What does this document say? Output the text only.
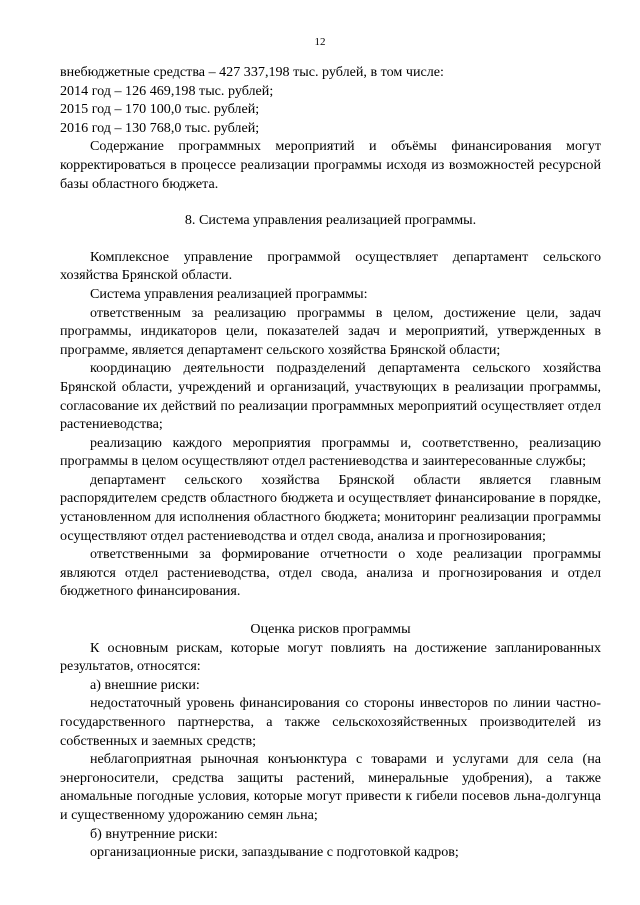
12

внебюджетные средства – 427 337,198 тыс. рублей, в том числе:

2014 год – 126 469,198 тыс. рублей;

2015 год – 170 100,0 тыс. рублей;

2016 год – 130 768,0 тыс. рублей;

Содержание программных мероприятий и объёмы финансирования могут корректироваться в процессе реализации программы исходя из возможностей ресурсной базы областного бюджета.

8. Система управления реализацией программы.

Комплексное управление программой осуществляет департамент сельского хозяйства Брянской области.

Система управления реализацией программы:

ответственным за реализацию программы в целом, достижение цели, задач программы, индикаторов цели, показателей задач и мероприятий, утвержденных в программе, является департамент сельского хозяйства Брянской области;

координацию деятельности подразделений департамента сельского хозяйства Брянской области, учреждений и организаций, участвующих в реализации программы, согласование их действий по реализации программных мероприятий осуществляет отдел растениеводства;

реализацию каждого мероприятия программы и, соответственно, реализацию программы в целом осуществляют отдел растениеводства и заинтересованные службы;

департамент сельского хозяйства Брянской области является главным распорядителем средств областного бюджета и осуществляет финансирование в порядке, установленном для исполнения областного бюджета; мониторинг реализации программы осуществляют отдел растениеводства и отдел свода, анализа и прогнозирования;

ответственными за формирование отчетности о ходе реализации программы являются отдел растениеводства, отдел свода, анализа и прогнозирования и отдел бюджетного финансирования.

Оценка рисков программы

К основным рискам, которые могут повлиять на достижение запланированных результатов, относятся:

а) внешние риски:

недостаточный уровень финансирования со стороны инвесторов по линии частно-государственного партнерства, а также сельскохозяйственных производителей из собственных и заемных средств;

неблагоприятная рыночная конъюнктура с товарами и услугами для села (на энергоносители, средства защиты растений, минеральные удобрения), а также аномальные погодные условия, которые могут привести к гибели посевов льна-долгунца и существенному удорожанию семян льна;

б) внутренние риски:

организационные риски, запаздывание с подготовкой кадров;
